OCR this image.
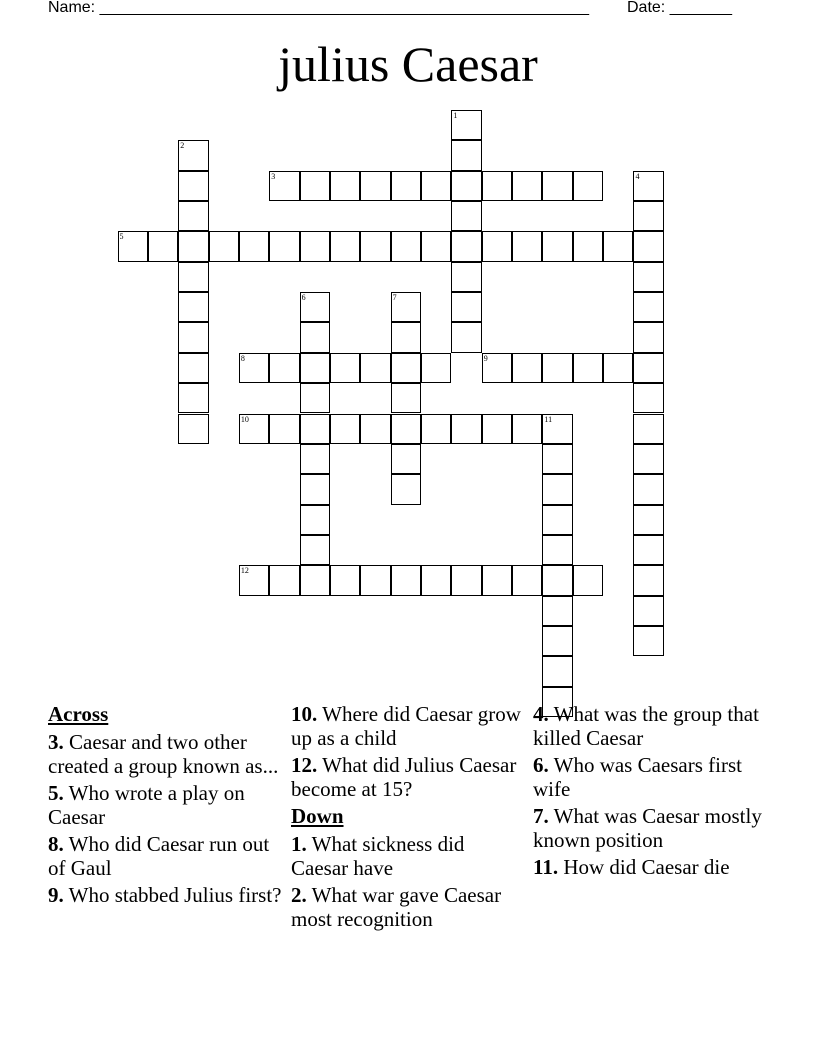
Name: _______________________________________________________ Date: _______
julius Caesar
1
2
3	4
5
6	7
8	9
10	11
12
Across
3. Caesar and two other created a group known as...
5. Who wrote a play on Caesar
8. Who did Caesar run out of Gaul
9. Who stabbed Julius first?
10. Where did Caesar grow up as a child
12. What did Julius Caesar become at 15?
Down
1. What sickness did Caesar have
2. What war gave Caesar most recognition
4. What was the group that killed Caesar
6. Who was Caesars first wife
7. What was Caesar mostly known position
11. How did Caesar die
